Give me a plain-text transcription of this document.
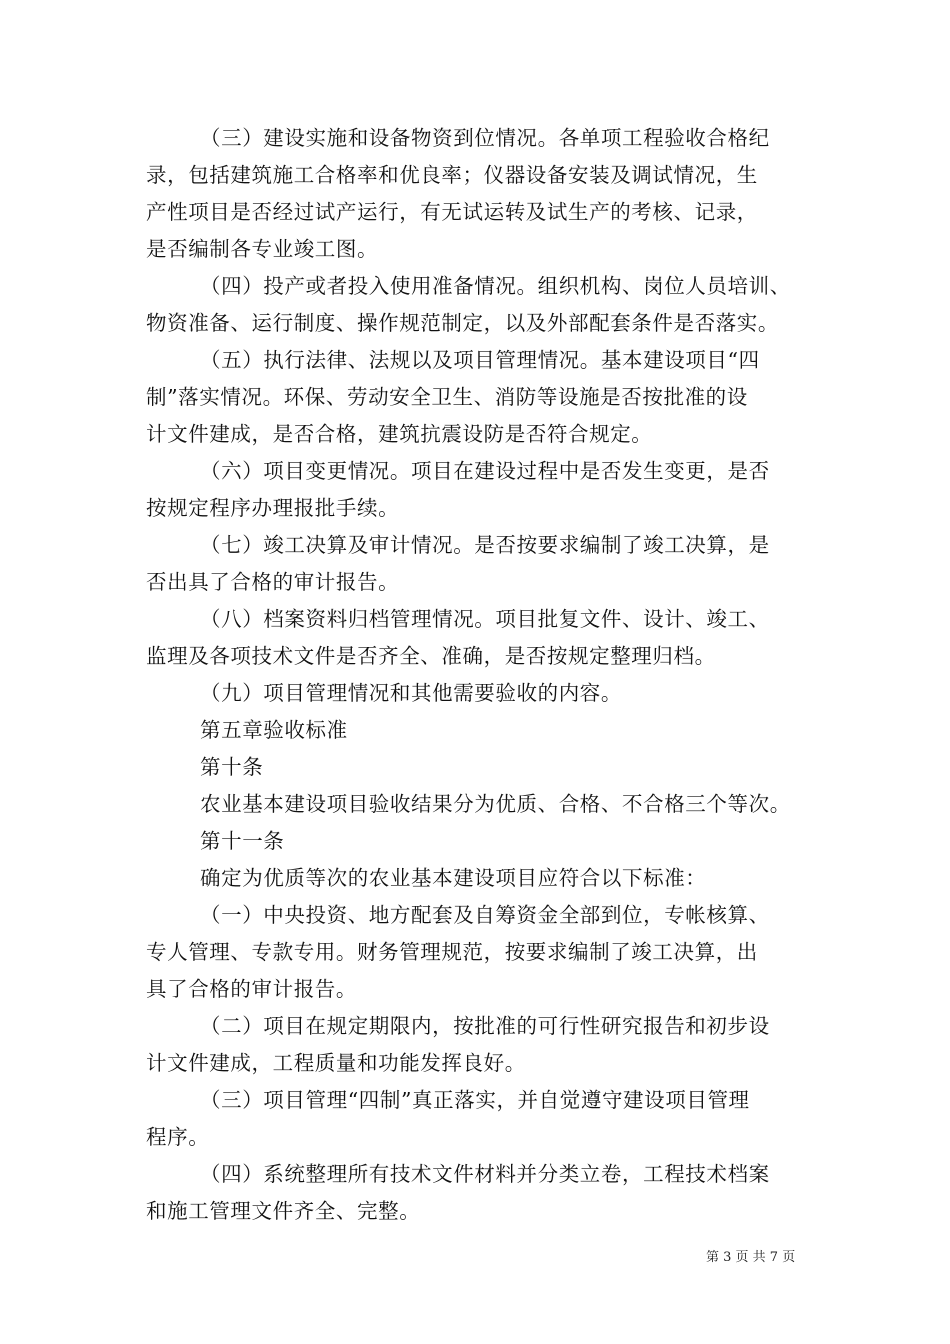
（三）建设实施和设备物资到位情况。各单项工程验收合格纪
录，包括建筑施工合格率和优良率；仪器设备安装及调试情况，生
产性项目是否经过试产运行，有无试运转及试生产的考核、记录，
是否编制各专业竣工图。
（四）投产或者投入使用准备情况。组织机构、岗位人员培训、
物资准备、运行制度、操作规范制定，以及外部配套条件是否落实。
（五）执行法律、法规以及项目管理情况。基本建设项目“四
制”落实情况。环保、劳动安全卫生、消防等设施是否按批准的设
计文件建成，是否合格，建筑抗震设防是否符合规定。
（六）项目变更情况。项目在建设过程中是否发生变更，是否
按规定程序办理报批手续。
（七）竣工决算及审计情况。是否按要求编制了竣工决算，是
否出具了合格的审计报告。
（八）档案资料归档管理情况。项目批复文件、设计、竣工、
监理及各项技术文件是否齐全、准确，是否按规定整理归档。
（九）项目管理情况和其他需要验收的内容。
第五章验收标准
第十条
农业基本建设项目验收结果分为优质、合格、不合格三个等次。
第十一条
确定为优质等次的农业基本建设项目应符合以下标准：
（一）中央投资、地方配套及自筹资金全部到位，专帐核算、
专人管理、专款专用。财务管理规范，按要求编制了竣工决算，出
具了合格的审计报告。
（二）项目在规定期限内，按批准的可行性研究报告和初步设
计文件建成，工程质量和功能发挥良好。
（三）项目管理“四制”真正落实，并自觉遵守建设项目管理
程序。
（四）系统整理所有技术文件材料并分类立卷，工程技术档案
和施工管理文件齐全、完整。
第 3 页 共 7 页
